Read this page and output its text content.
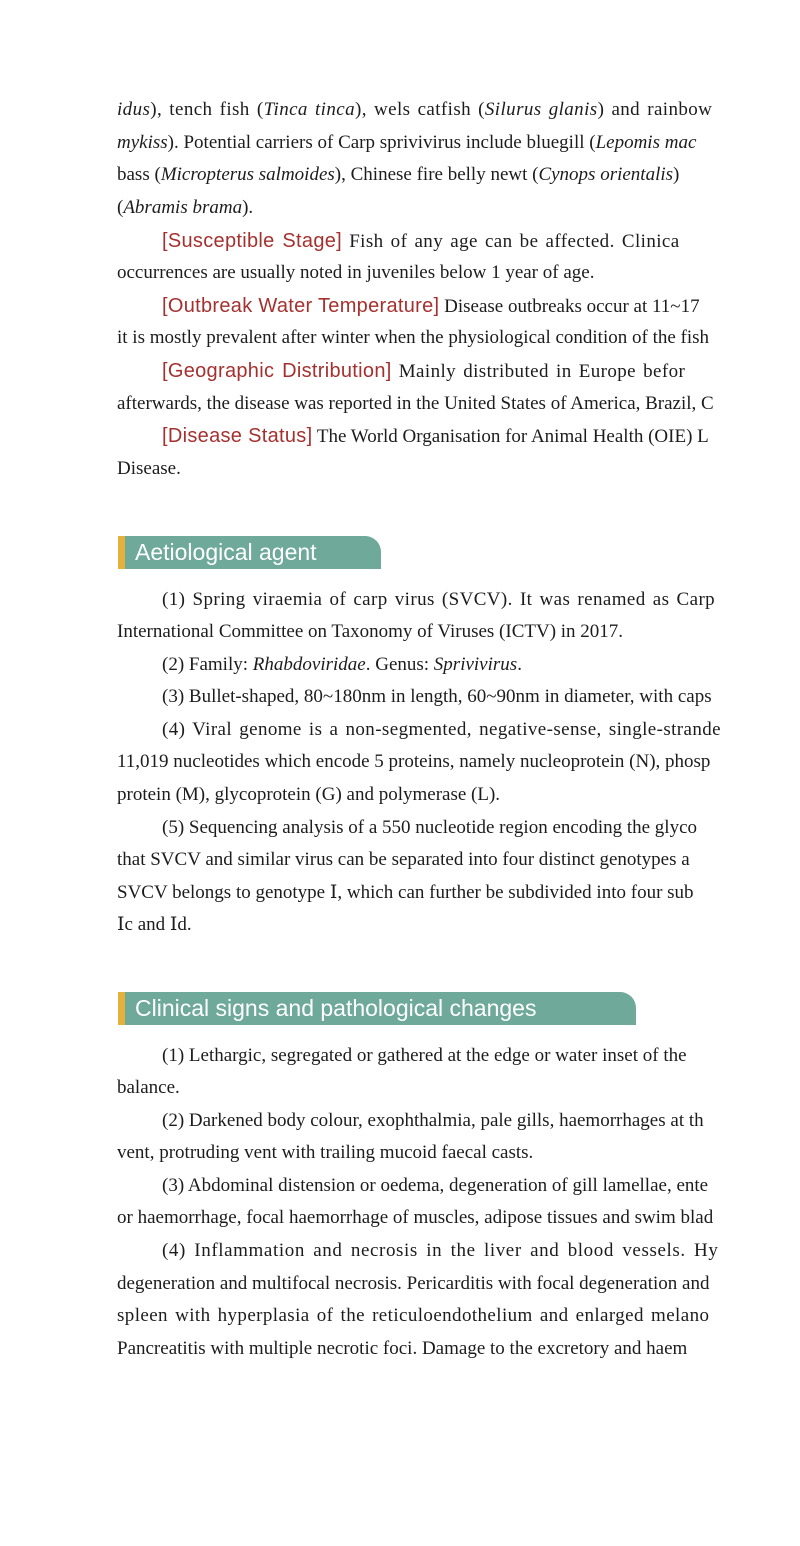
idus), tench fish (Tinca tinca), wels catfish (Silurus glanis) and rainbow
mykiss). Potential carriers of Carp sprivivirus include bluegill (Lepomis mac
bass (Micropterus salmoides), Chinese fire belly newt (Cynops orientalis)
(Abramis brama).
[Susceptible Stage] Fish of any age can be affected. Clinica
occurrences are usually noted in juveniles below 1 year of age.
[Outbreak Water Temperature] Disease outbreaks occur at 11~17
it is mostly prevalent after winter when the physiological condition of the fish
[Geographic Distribution] Mainly distributed in Europe befor
afterwards, the disease was reported in the United States of America, Brazil, C
[Disease Status] The World Organisation for Animal Health (OIE) L
Disease.
Aetiological agent
(1) Spring viraemia of carp virus (SVCV). It was renamed as Carp
International Committee on Taxonomy of Viruses (ICTV) in 2017.
(2) Family: Rhabdoviridae. Genus: Sprivivirus.
(3) Bullet-shaped, 80~180nm in length, 60~90nm in diameter, with caps
(4) Viral genome is a non-segmented, negative-sense, single-strande
11,019 nucleotides which encode 5 proteins, namely nucleoprotein (N), phosp
protein (M), glycoprotein (G) and polymerase (L).
(5) Sequencing analysis of a 550 nucleotide region encoding the glyco
that SVCV and similar virus can be separated into four distinct genotypes a
SVCV belongs to genotype Ⅰ, which can further be subdivided into four sub
Ⅰc and Ⅰd.
Clinical signs and pathological changes
(1) Lethargic, segregated or gathered at the edge or water inset of the
balance.
(2) Darkened body colour, exophthalmia, pale gills, haemorrhages at th
vent, protruding vent with trailing mucoid faecal casts.
(3) Abdominal distension or oedema, degeneration of gill lamellae, ente
or haemorrhage, focal haemorrhage of muscles, adipose tissues and swim blad
(4) Inflammation and necrosis in the liver and blood vessels. Hy
degeneration and multifocal necrosis. Pericarditis with focal degeneration and
spleen with hyperplasia of the reticuloendothelium and enlarged melano
Pancreatitis with multiple necrotic foci. Damage to the excretory and haem
